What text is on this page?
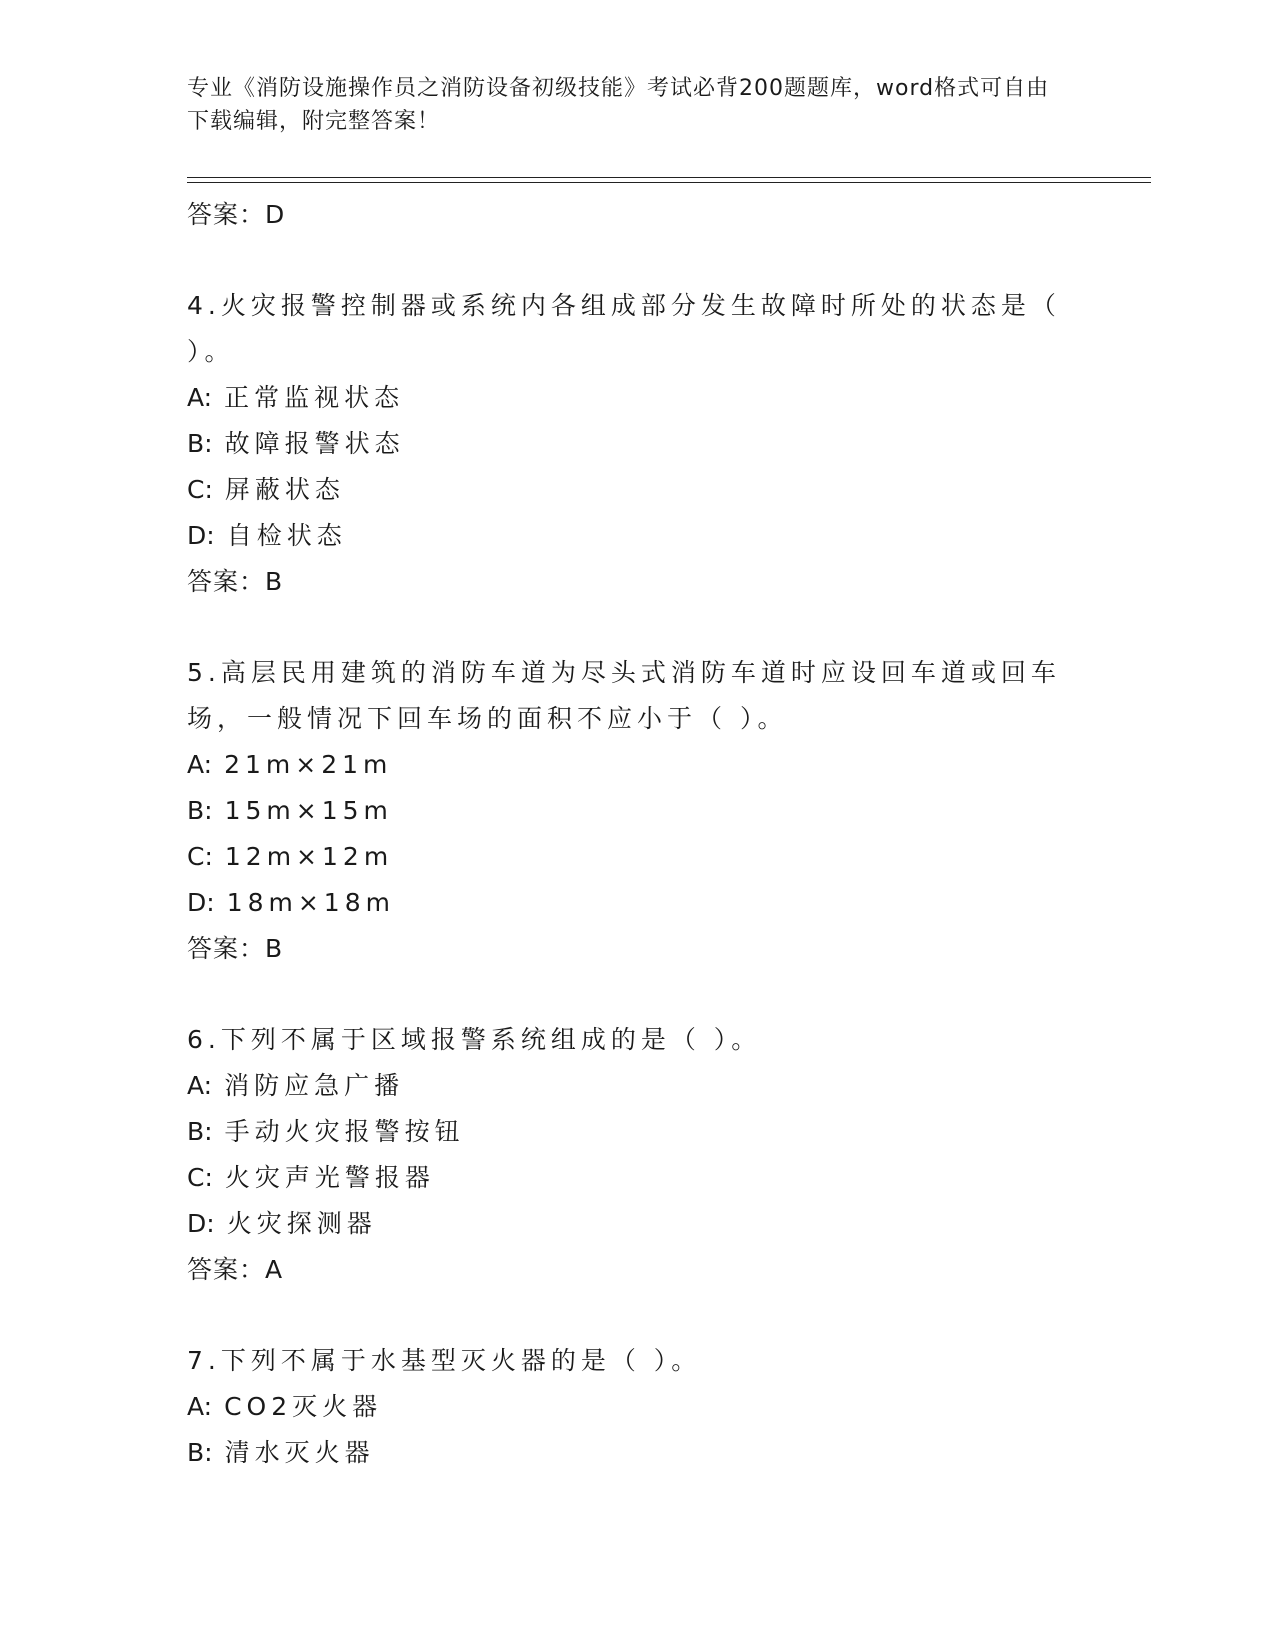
专业《消防设施操作员之消防设备初级技能》考试必背200题题库，word格式可自由下载编辑，附完整答案！
答案：D
4.火灾报警控制器或系统内各组成部分发生故障时所处的状态是（ ）。
A: 正常监视状态
B: 故障报警状态
C: 屏蔽状态
D: 自检状态
答案：B
5.高层民用建筑的消防车道为尽头式消防车道时应设回车道或回车场，一般情况下回车场的面积不应小于（ ）。
A: 21m×21m
B: 15m×15m
C: 12m×12m
D: 18m×18m
答案：B
6.下列不属于区域报警系统组成的是（ ）。
A: 消防应急广播
B: 手动火灾报警按钮
C: 火灾声光警报器
D: 火灾探测器
答案：A
7.下列不属于水基型灭火器的是（ ）。
A: CO2灭火器
B: 清水灭火器
